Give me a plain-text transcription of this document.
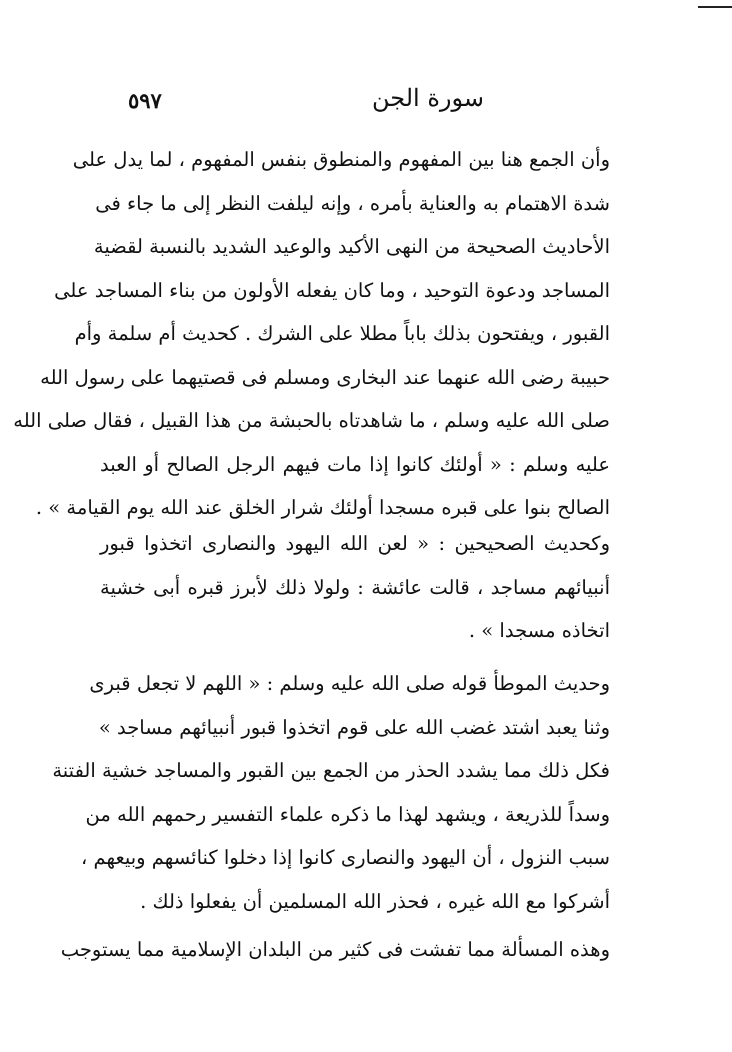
٥٩٧	سورة الجن
وأن الجمع هنا بين المفهوم والمنطوق بنفس المفهوم ، لما يدل على
شدة الاهتمام به والعناية بأمره ، وإنه ليلفت النظر إلى ما جاء فى
الأحاديث الصحيحة من النهى الأكيد والوعيد الشديد بالنسبة لقضية
المساجد ودعوة التوحيد ، وما كان يفعله الأولون من بناء المساجد على
القبور ، ويفتحون بذلك باباً مطلا على الشرك . كحديث أم سلمة وأم
حبيبة رضى الله عنهما عند البخارى ومسلم فى قصتيهما على رسول الله
صلى الله عليه وسلم ، ما شاهدتاه بالحبشة من هذا القبيل ، فقال صلى الله
عليه وسلم : « أولئك كانوا إذا مات فيهم الرجل الصالح أو العبد
الصالح بنوا على قبره مسجدا أولئك شرار الخلق عند الله يوم القيامة » .
وكحديث الصحيحين : « لعن الله اليهود والنصارى اتخذوا قبور
أنبيائهم مساجد ، قالت عائشة : ولولا ذلك لأبرز قبره أبى خشية
اتخاذه مسجدا » .
وحديث الموطأ قوله صلى الله عليه وسلم : « اللهم لا تجعل قبرى
وثنا يعبد اشتد غضب الله على قوم اتخذوا قبور أنبيائهم مساجد »
فكل ذلك مما يشدد الحذر من الجمع بين القبور والمساجد خشية الفتنة
وسداً للذريعة ، ويشهد لهذا ما ذكره علماء التفسير رحمهم الله من
سبب النزول ، أن اليهود والنصارى كانوا إذا دخلوا كنائسهم وبيعهم ،
أشركوا مع الله غيره ، فحذر الله المسلمين أن يفعلوا ذلك .
وهذه المسألة مما تفشت فى كثير من البلدان الإسلامية مما يستوجب
